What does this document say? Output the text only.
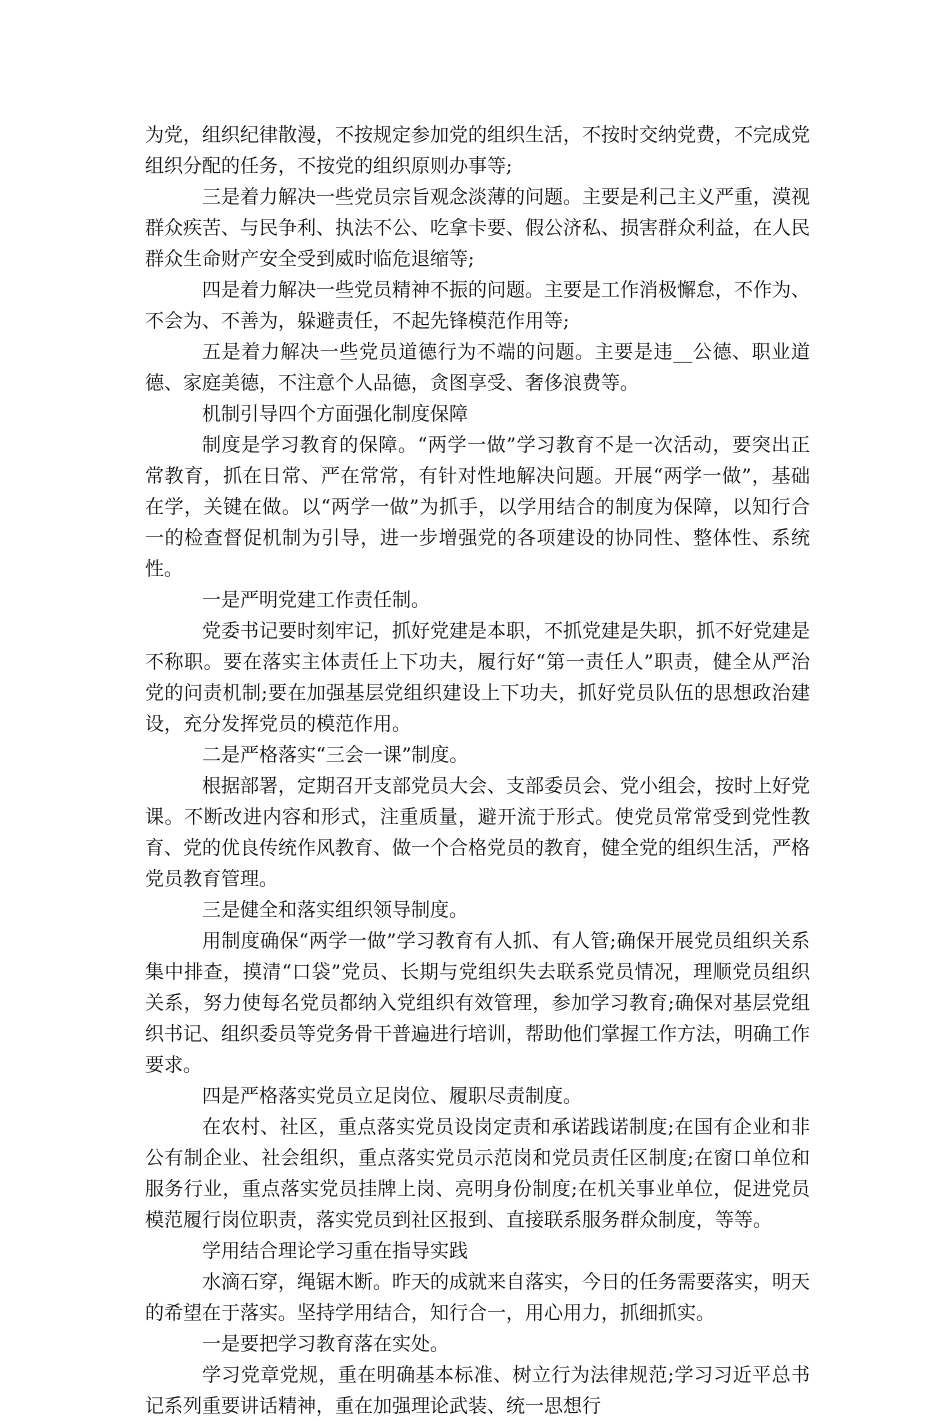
为党，组织纪律散漫，不按规定参加党的组织生活，不按时交纳党费，不完成党组织分配的任务，不按党的组织原则办事等;

三是着力解决一些党员宗旨观念淡薄的问题。主要是利己主义严重，漠视群众疾苦、与民争利、执法不公、吃拿卡要、假公济私、损害群众利益，在人民群众生命财产安全受到威时临危退缩等;

四是着力解决一些党员精神不振的问题。主要是工作消极懈怠，不作为、不会为、不善为，躲避责任，不起先锋模范作用等;

五是着力解决一些党员道德行为不端的问题。主要是违__公德、职业道德、家庭美德，不注意个人品德，贪图享受、奢侈浪费等。

机制引导四个方面强化制度保障

制度是学习教育的保障。“两学一做”学习教育不是一次活动，要突出正常教育，抓在日常、严在常常，有针对性地解决问题。开展“两学一做”，基础在学，关键在做。以“两学一做”为抓手，以学用结合的制度为保障，以知行合一的检查督促机制为引导，进一步增强党的各项建设的协同性、整体性、系统性。

一是严明党建工作责任制。

党委书记要时刻牢记，抓好党建是本职，不抓党建是失职，抓不好党建是不称职。要在落实主体责任上下功夫，履行好“第一责任人”职责，健全从严治党的问责机制;要在加强基层党组织建设上下功夫，抓好党员队伍的思想政治建设，充分发挥党员的模范作用。

二是严格落实“三会一课”制度。

根据部署，定期召开支部党员大会、支部委员会、党小组会，按时上好党课。不断改进内容和形式，注重质量，避开流于形式。使党员常常受到党性教育、党的优良传统作风教育、做一个合格党员的教育，健全党的组织生活，严格党员教育管理。

三是健全和落实组织领导制度。

用制度确保“两学一做”学习教育有人抓、有人管;确保开展党员组织关系集中排查，摸清“口袋”党员、长期与党组织失去联系党员情况，理顺党员组织关系，努力使每名党员都纳入党组织有效管理，参加学习教育;确保对基层党组织书记、组织委员等党务骨干普遍进行培训，帮助他们掌握工作方法，明确工作要求。

四是严格落实党员立足岗位、履职尽责制度。

在农村、社区，重点落实党员设岗定责和承诺践诺制度;在国有企业和非公有制企业、社会组织，重点落实党员示范岗和党员责任区制度;在窗口单位和服务行业，重点落实党员挂牌上岗、亮明身份制度;在机关事业单位，促进党员模范履行岗位职责，落实党员到社区报到、直接联系服务群众制度，等等。

学用结合理论学习重在指导实践

水滴石穿，绳锯木断。昨天的成就来自落实，今日的任务需要落实，明天的希望在于落实。坚持学用结合，知行合一，用心用力，抓细抓实。

一是要把学习教育落在实处。

学习党章党规，重在明确基本标准、树立行为法律规范;学习习近平总书记系列重要讲话精神，重在加强理论武装、统一思想行
